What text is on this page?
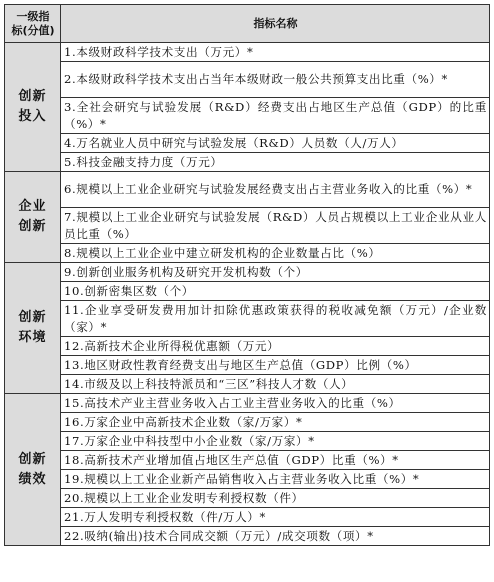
一级指
标(分值)	指标名称

创新
投入	1.本级财政科学技术支出（万元）*
	2.本级财政科学技术支出占当年本级财政一般公共预算支出比重（%）*
	3.全社会研究与试验发展（R&D）经费支出占地区生产总值（GDP）的比重（%）*
	4.万名就业人员中研究与试验发展（R&D）人员数（人/万人）
	5.科技金融支持力度（万元）

企业
创新	6.规模以上工业企业研究与试验发展经费支出占主营业务收入的比重（%）*
	7.规模以上工业企业研究与试验发展（R&D）人员占规模以上工业企业从业人员比重（%）
	8.规模以上工业企业中建立研发机构的企业数量占比（%）

创新
环境	9.创新创业服务机构及研究开发机构数（个）
	10.创新密集区数（个）
	11.企业享受研发费用加计扣除优惠政策获得的税收减免额（万元）/企业数（家）*
	12.高新技术企业所得税优惠额（万元）
	13.地区财政性教育经费支出与地区生产总值（GDP）比例（%）
	14.市级及以上科技特派员和“三区”科技人才数（人）

创新
绩效	15.高技术产业主营业务收入占工业主营业务收入的比重（%）
	16.万家企业中高新技术企业数（家/万家）*
	17.万家企业中科技型中小企业数（家/万家）*
	18.高新技术产业增加值占地区生产总值（GDP）比重（%）*
	19.规模以上工业企业新产品销售收入占主营业务收入比重（%）*
	20.规模以上工业企业发明专利授权数（件）
	21.万人发明专利授权数（件/万人）*
	22.吸纳(输出)技术合同成交额（万元）/成交项数（项）*
